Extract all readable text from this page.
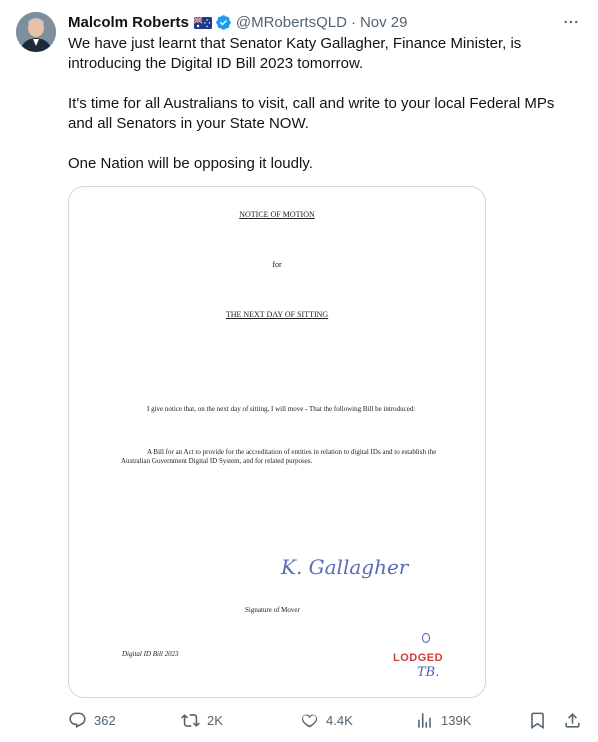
Malcolm Roberts	@MRobertsQLD · Nov 29

We have just learnt that Senator Katy Gallagher, Finance Minister, is introducing the Digital ID Bill 2023 tomorrow.

It's time for all Australians to visit, call and write to your local Federal MPs and all Senators in your State NOW.

One Nation will be opposing it loudly.

NOTICE OF MOTION
for
THE NEXT DAY OF SITTING
I give notice that, on the next day of sitting, I will move - That the following Bill be introduced:
A Bill for an Act to provide for the accreditation of entities in relation to digital IDs and to establish the Australian Government Digital ID System, and for related purposes.
K. Gallagher
Signature of Mover
Digital ID Bill 2023	LODGED
TB.
362	2K	4.4K	139K
